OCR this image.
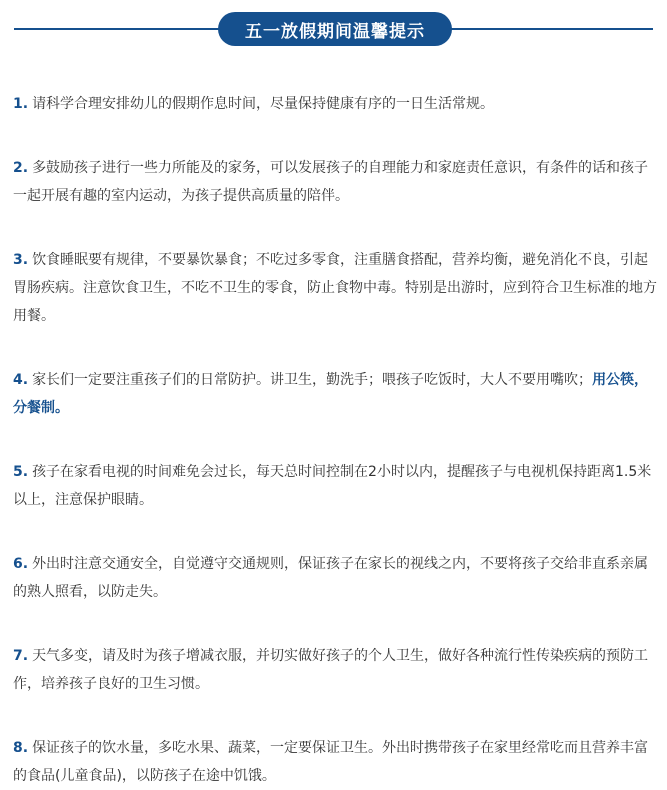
五一放假期间温馨提示

1. 请科学合理安排幼儿的假期作息时间，尽量保持健康有序的一日生活常规。

2. 多鼓励孩子进行一些力所能及的家务，可以发展孩子的自理能力和家庭责任意识，有条件的话和孩子一起开展有趣的室内运动，为孩子提供高质量的陪伴。

3. 饮食睡眠要有规律，不要暴饮暴食；不吃过多零食，注重膳食搭配，营养均衡，避免消化不良，引起胃肠疾病。注意饮食卫生，不吃不卫生的零食，防止食物中毒。特别是出游时，应到符合卫生标准的地方用餐。

4. 家长们一定要注重孩子们的日常防护。讲卫生，勤洗手；喂孩子吃饭时，大人不要用嘴吹；用公筷，分餐制。

5. 孩子在家看电视的时间难免会过长，每天总时间控制在2小时以内，提醒孩子与电视机保持距离1.5米以上，注意保护眼睛。

6. 外出时注意交通安全，自觉遵守交通规则，保证孩子在家长的视线之内，不要将孩子交给非直系亲属的熟人照看，以防走失。

7. 天气多变，请及时为孩子增减衣服，并切实做好孩子的个人卫生，做好各种流行性传染疾病的预防工作，培养孩子良好的卫生习惯。

8. 保证孩子的饮水量，多吃水果、蔬菜，一定要保证卫生。外出时携带孩子在家里经常吃而且营养丰富的食品(儿童食品)，以防孩子在途中饥饿。
